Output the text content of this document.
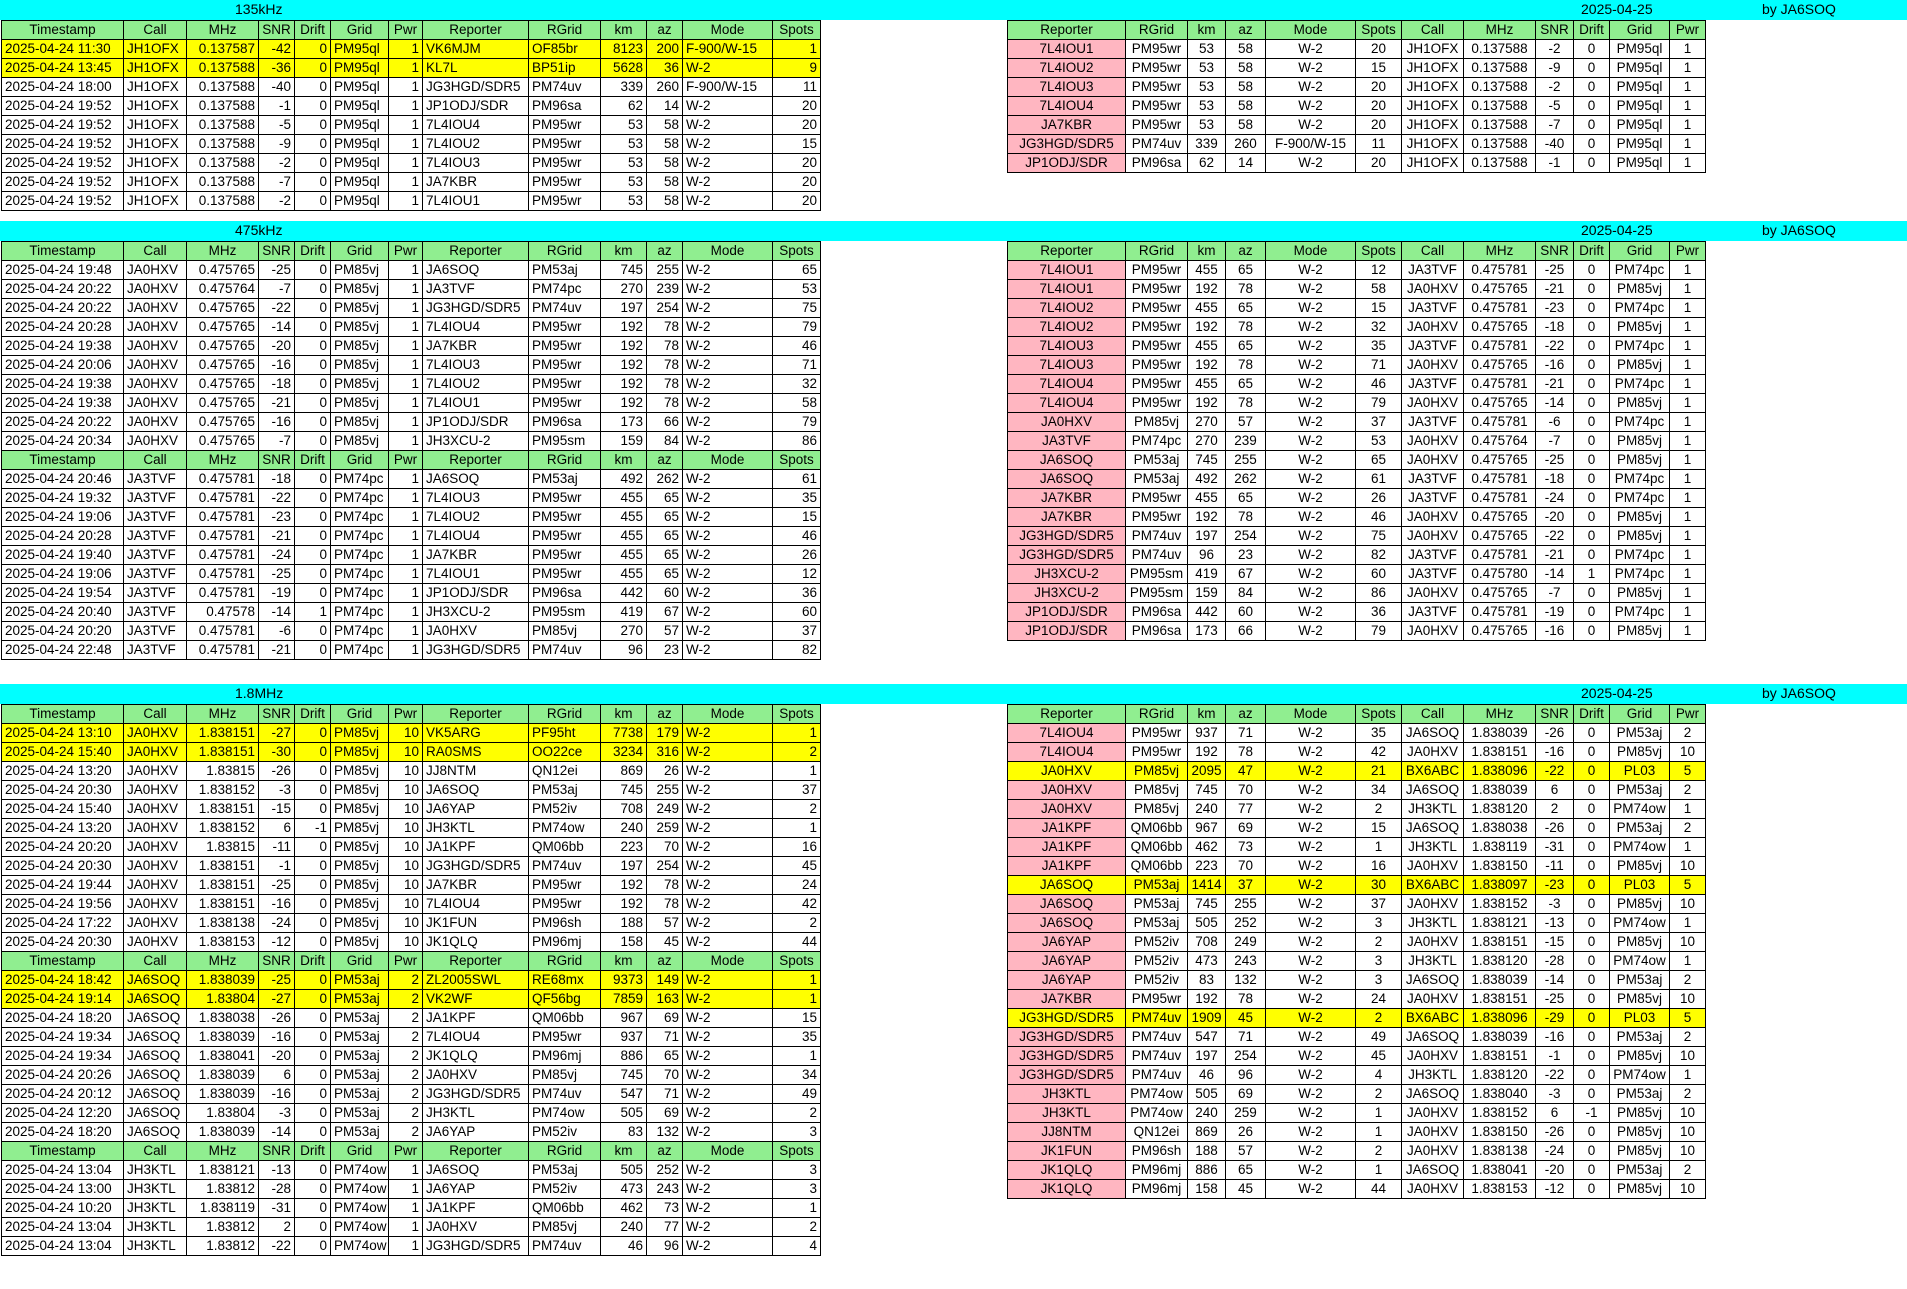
135kHz	2025-04-25	by JA6SOQ
Timestamp	Call	MHz	SNR	Drift	Grid	Pwr	Reporter	RGrid	km	az	Mode	Spots
2025-04-24 11:30	JH1OFX	0.137587	-42	0	PM95ql	1	VK6MJM	OF85br	8123	200	F-900/W-15	1
2025-04-24 13:45	JH1OFX	0.137588	-36	0	PM95ql	1	KL7L	BP51ip	5628	36	W-2	9
2025-04-24 18:00	JH1OFX	0.137588	-40	0	PM95ql	1	JG3HGD/SDR5	PM74uv	339	260	F-900/W-15	11
2025-04-24 19:52	JH1OFX	0.137588	-1	0	PM95ql	1	JP1ODJ/SDR	PM96sa	62	14	W-2	20
2025-04-24 19:52	JH1OFX	0.137588	-5	0	PM95ql	1	7L4IOU4	PM95wr	53	58	W-2	20
2025-04-24 19:52	JH1OFX	0.137588	-9	0	PM95ql	1	7L4IOU2	PM95wr	53	58	W-2	15
2025-04-24 19:52	JH1OFX	0.137588	-2	0	PM95ql	1	7L4IOU3	PM95wr	53	58	W-2	20
2025-04-24 19:52	JH1OFX	0.137588	-7	0	PM95ql	1	JA7KBR	PM95wr	53	58	W-2	20
2025-04-24 19:52	JH1OFX	0.137588	-2	0	PM95ql	1	7L4IOU1	PM95wr	53	58	W-2	20
Reporter	RGrid	km	az	Mode	Spots	Call	MHz	SNR	Drift	Grid	Pwr
7L4IOU1	PM95wr	53	58	W-2	20	JH1OFX	0.137588	-2	0	PM95ql	1
7L4IOU2	PM95wr	53	58	W-2	15	JH1OFX	0.137588	-9	0	PM95ql	1
7L4IOU3	PM95wr	53	58	W-2	20	JH1OFX	0.137588	-2	0	PM95ql	1
7L4IOU4	PM95wr	53	58	W-2	20	JH1OFX	0.137588	-5	0	PM95ql	1
JA7KBR	PM95wr	53	58	W-2	20	JH1OFX	0.137588	-7	0	PM95ql	1
JG3HGD/SDR5	PM74uv	339	260	F-900/W-15	11	JH1OFX	0.137588	-40	0	PM95ql	1
JP1ODJ/SDR	PM96sa	62	14	W-2	20	JH1OFX	0.137588	-1	0	PM95ql	1
475kHz	2025-04-25	by JA6SOQ
Timestamp	Call	MHz	SNR	Drift	Grid	Pwr	Reporter	RGrid	km	az	Mode	Spots
2025-04-24 19:48	JA0HXV	0.475765	-25	0	PM85vj	1	JA6SOQ	PM53aj	745	255	W-2	65
2025-04-24 20:22	JA0HXV	0.475764	-7	0	PM85vj	1	JA3TVF	PM74pc	270	239	W-2	53
2025-04-24 20:22	JA0HXV	0.475765	-22	0	PM85vj	1	JG3HGD/SDR5	PM74uv	197	254	W-2	75
2025-04-24 20:28	JA0HXV	0.475765	-14	0	PM85vj	1	7L4IOU4	PM95wr	192	78	W-2	79
2025-04-24 19:38	JA0HXV	0.475765	-20	0	PM85vj	1	JA7KBR	PM95wr	192	78	W-2	46
2025-04-24 20:06	JA0HXV	0.475765	-16	0	PM85vj	1	7L4IOU3	PM95wr	192	78	W-2	71
2025-04-24 19:38	JA0HXV	0.475765	-18	0	PM85vj	1	7L4IOU2	PM95wr	192	78	W-2	32
2025-04-24 19:38	JA0HXV	0.475765	-21	0	PM85vj	1	7L4IOU1	PM95wr	192	78	W-2	58
2025-04-24 20:22	JA0HXV	0.475765	-16	0	PM85vj	1	JP1ODJ/SDR	PM96sa	173	66	W-2	79
2025-04-24 20:34	JA0HXV	0.475765	-7	0	PM85vj	1	JH3XCU-2	PM95sm	159	84	W-2	86
Timestamp	Call	MHz	SNR	Drift	Grid	Pwr	Reporter	RGrid	km	az	Mode	Spots
2025-04-24 20:46	JA3TVF	0.475781	-18	0	PM74pc	1	JA6SOQ	PM53aj	492	262	W-2	61
2025-04-24 19:32	JA3TVF	0.475781	-22	0	PM74pc	1	7L4IOU3	PM95wr	455	65	W-2	35
2025-04-24 19:06	JA3TVF	0.475781	-23	0	PM74pc	1	7L4IOU2	PM95wr	455	65	W-2	15
2025-04-24 20:28	JA3TVF	0.475781	-21	0	PM74pc	1	7L4IOU4	PM95wr	455	65	W-2	46
2025-04-24 19:40	JA3TVF	0.475781	-24	0	PM74pc	1	JA7KBR	PM95wr	455	65	W-2	26
2025-04-24 19:06	JA3TVF	0.475781	-25	0	PM74pc	1	7L4IOU1	PM95wr	455	65	W-2	12
2025-04-24 19:54	JA3TVF	0.475781	-19	0	PM74pc	1	JP1ODJ/SDR	PM96sa	442	60	W-2	36
2025-04-24 20:40	JA3TVF	0.47578	-14	1	PM74pc	1	JH3XCU-2	PM95sm	419	67	W-2	60
2025-04-24 20:20	JA3TVF	0.475781	-6	0	PM74pc	1	JA0HXV	PM85vj	270	57	W-2	37
2025-04-24 22:48	JA3TVF	0.475781	-21	0	PM74pc	1	JG3HGD/SDR5	PM74uv	96	23	W-2	82
Reporter	RGrid	km	az	Mode	Spots	Call	MHz	SNR	Drift	Grid	Pwr
7L4IOU1	PM95wr	455	65	W-2	12	JA3TVF	0.475781	-25	0	PM74pc	1
7L4IOU1	PM95wr	192	78	W-2	58	JA0HXV	0.475765	-21	0	PM85vj	1
7L4IOU2	PM95wr	455	65	W-2	15	JA3TVF	0.475781	-23	0	PM74pc	1
7L4IOU2	PM95wr	192	78	W-2	32	JA0HXV	0.475765	-18	0	PM85vj	1
7L4IOU3	PM95wr	455	65	W-2	35	JA3TVF	0.475781	-22	0	PM74pc	1
7L4IOU3	PM95wr	192	78	W-2	71	JA0HXV	0.475765	-16	0	PM85vj	1
7L4IOU4	PM95wr	455	65	W-2	46	JA3TVF	0.475781	-21	0	PM74pc	1
7L4IOU4	PM95wr	192	78	W-2	79	JA0HXV	0.475765	-14	0	PM85vj	1
JA0HXV	PM85vj	270	57	W-2	37	JA3TVF	0.475781	-6	0	PM74pc	1
JA3TVF	PM74pc	270	239	W-2	53	JA0HXV	0.475764	-7	0	PM85vj	1
JA6SOQ	PM53aj	745	255	W-2	65	JA0HXV	0.475765	-25	0	PM85vj	1
JA6SOQ	PM53aj	492	262	W-2	61	JA3TVF	0.475781	-18	0	PM74pc	1
JA7KBR	PM95wr	455	65	W-2	26	JA3TVF	0.475781	-24	0	PM74pc	1
JA7KBR	PM95wr	192	78	W-2	46	JA0HXV	0.475765	-20	0	PM85vj	1
JG3HGD/SDR5	PM74uv	197	254	W-2	75	JA0HXV	0.475765	-22	0	PM85vj	1
JG3HGD/SDR5	PM74uv	96	23	W-2	82	JA3TVF	0.475781	-21	0	PM74pc	1
JH3XCU-2	PM95sm	419	67	W-2	60	JA3TVF	0.475780	-14	1	PM74pc	1
JH3XCU-2	PM95sm	159	84	W-2	86	JA0HXV	0.475765	-7	0	PM85vj	1
JP1ODJ/SDR	PM96sa	442	60	W-2	36	JA3TVF	0.475781	-19	0	PM74pc	1
JP1ODJ/SDR	PM96sa	173	66	W-2	79	JA0HXV	0.475765	-16	0	PM85vj	1
1.8MHz	2025-04-25	by JA6SOQ
Timestamp	Call	MHz	SNR	Drift	Grid	Pwr	Reporter	RGrid	km	az	Mode	Spots
2025-04-24 13:10	JA0HXV	1.838151	-27	0	PM85vj	10	VK5ARG	PF95ht	7738	179	W-2	1
2025-04-24 15:40	JA0HXV	1.838151	-30	0	PM85vj	10	RA0SMS	OO22ce	3234	316	W-2	2
2025-04-24 13:20	JA0HXV	1.83815	-26	0	PM85vj	10	JJ8NTM	QN12ei	869	26	W-2	1
2025-04-24 20:30	JA0HXV	1.838152	-3	0	PM85vj	10	JA6SOQ	PM53aj	745	255	W-2	37
2025-04-24 15:40	JA0HXV	1.838151	-15	0	PM85vj	10	JA6YAP	PM52iv	708	249	W-2	2
2025-04-24 13:20	JA0HXV	1.838152	6	-1	PM85vj	10	JH3KTL	PM74ow	240	259	W-2	1
2025-04-24 20:20	JA0HXV	1.83815	-11	0	PM85vj	10	JA1KPF	QM06bb	223	70	W-2	16
2025-04-24 20:30	JA0HXV	1.838151	-1	0	PM85vj	10	JG3HGD/SDR5	PM74uv	197	254	W-2	45
2025-04-24 19:44	JA0HXV	1.838151	-25	0	PM85vj	10	JA7KBR	PM95wr	192	78	W-2	24
2025-04-24 19:56	JA0HXV	1.838151	-16	0	PM85vj	10	7L4IOU4	PM95wr	192	78	W-2	42
2025-04-24 17:22	JA0HXV	1.838138	-24	0	PM85vj	10	JK1FUN	PM96sh	188	57	W-2	2
2025-04-24 20:30	JA0HXV	1.838153	-12	0	PM85vj	10	JK1QLQ	PM96mj	158	45	W-2	44
Timestamp	Call	MHz	SNR	Drift	Grid	Pwr	Reporter	RGrid	km	az	Mode	Spots
2025-04-24 18:42	JA6SOQ	1.838039	-25	0	PM53aj	2	ZL2005SWL	RE68mx	9373	149	W-2	1
2025-04-24 19:14	JA6SOQ	1.83804	-27	0	PM53aj	2	VK2WF	QF56bg	7859	163	W-2	1
2025-04-24 18:20	JA6SOQ	1.838038	-26	0	PM53aj	2	JA1KPF	QM06bb	967	69	W-2	15
2025-04-24 19:34	JA6SOQ	1.838039	-16	0	PM53aj	2	7L4IOU4	PM95wr	937	71	W-2	35
2025-04-24 19:34	JA6SOQ	1.838041	-20	0	PM53aj	2	JK1QLQ	PM96mj	886	65	W-2	1
2025-04-24 20:26	JA6SOQ	1.838039	6	0	PM53aj	2	JA0HXV	PM85vj	745	70	W-2	34
2025-04-24 20:12	JA6SOQ	1.838039	-16	0	PM53aj	2	JG3HGD/SDR5	PM74uv	547	71	W-2	49
2025-04-24 12:20	JA6SOQ	1.83804	-3	0	PM53aj	2	JH3KTL	PM74ow	505	69	W-2	2
2025-04-24 18:20	JA6SOQ	1.838039	-14	0	PM53aj	2	JA6YAP	PM52iv	83	132	W-2	3
Timestamp	Call	MHz	SNR	Drift	Grid	Pwr	Reporter	RGrid	km	az	Mode	Spots
2025-04-24 13:04	JH3KTL	1.838121	-13	0	PM74ow	1	JA6SOQ	PM53aj	505	252	W-2	3
2025-04-24 13:00	JH3KTL	1.83812	-28	0	PM74ow	1	JA6YAP	PM52iv	473	243	W-2	3
2025-04-24 10:20	JH3KTL	1.838119	-31	0	PM74ow	1	JA1KPF	QM06bb	462	73	W-2	1
2025-04-24 13:04	JH3KTL	1.83812	2	0	PM74ow	1	JA0HXV	PM85vj	240	77	W-2	2
2025-04-24 13:04	JH3KTL	1.83812	-22	0	PM74ow	1	JG3HGD/SDR5	PM74uv	46	96	W-2	4
Reporter	RGrid	km	az	Mode	Spots	Call	MHz	SNR	Drift	Grid	Pwr
7L4IOU4	PM95wr	937	71	W-2	35	JA6SOQ	1.838039	-26	0	PM53aj	2
7L4IOU4	PM95wr	192	78	W-2	42	JA0HXV	1.838151	-16	0	PM85vj	10
JA0HXV	PM85vj	2095	47	W-2	21	BX6ABC	1.838096	-22	0	PL03	5
JA0HXV	PM85vj	745	70	W-2	34	JA6SOQ	1.838039	6	0	PM53aj	2
JA0HXV	PM85vj	240	77	W-2	2	JH3KTL	1.838120	2	0	PM74ow	1
JA1KPF	QM06bb	967	69	W-2	15	JA6SOQ	1.838038	-26	0	PM53aj	2
JA1KPF	QM06bb	462	73	W-2	1	JH3KTL	1.838119	-31	0	PM74ow	1
JA1KPF	QM06bb	223	70	W-2	16	JA0HXV	1.838150	-11	0	PM85vj	10
JA6SOQ	PM53aj	1414	37	W-2	30	BX6ABC	1.838097	-23	0	PL03	5
JA6SOQ	PM53aj	745	255	W-2	37	JA0HXV	1.838152	-3	0	PM85vj	10
JA6SOQ	PM53aj	505	252	W-2	3	JH3KTL	1.838121	-13	0	PM74ow	1
JA6YAP	PM52iv	708	249	W-2	2	JA0HXV	1.838151	-15	0	PM85vj	10
JA6YAP	PM52iv	473	243	W-2	3	JH3KTL	1.838120	-28	0	PM74ow	1
JA6YAP	PM52iv	83	132	W-2	3	JA6SOQ	1.838039	-14	0	PM53aj	2
JA7KBR	PM95wr	192	78	W-2	24	JA0HXV	1.838151	-25	0	PM85vj	10
JG3HGD/SDR5	PM74uv	1909	45	W-2	2	BX6ABC	1.838096	-29	0	PL03	5
JG3HGD/SDR5	PM74uv	547	71	W-2	49	JA6SOQ	1.838039	-16	0	PM53aj	2
JG3HGD/SDR5	PM74uv	197	254	W-2	45	JA0HXV	1.838151	-1	0	PM85vj	10
JG3HGD/SDR5	PM74uv	46	96	W-2	4	JH3KTL	1.838120	-22	0	PM74ow	1
JH3KTL	PM74ow	505	69	W-2	2	JA6SOQ	1.838040	-3	0	PM53aj	2
JH3KTL	PM74ow	240	259	W-2	1	JA0HXV	1.838152	6	-1	PM85vj	10
JJ8NTM	QN12ei	869	26	W-2	1	JA0HXV	1.838150	-26	0	PM85vj	10
JK1FUN	PM96sh	188	57	W-2	2	JA0HXV	1.838138	-24	0	PM85vj	10
JK1QLQ	PM96mj	886	65	W-2	1	JA6SOQ	1.838041	-20	0	PM53aj	2
JK1QLQ	PM96mj	158	45	W-2	44	JA0HXV	1.838153	-12	0	PM85vj	10
